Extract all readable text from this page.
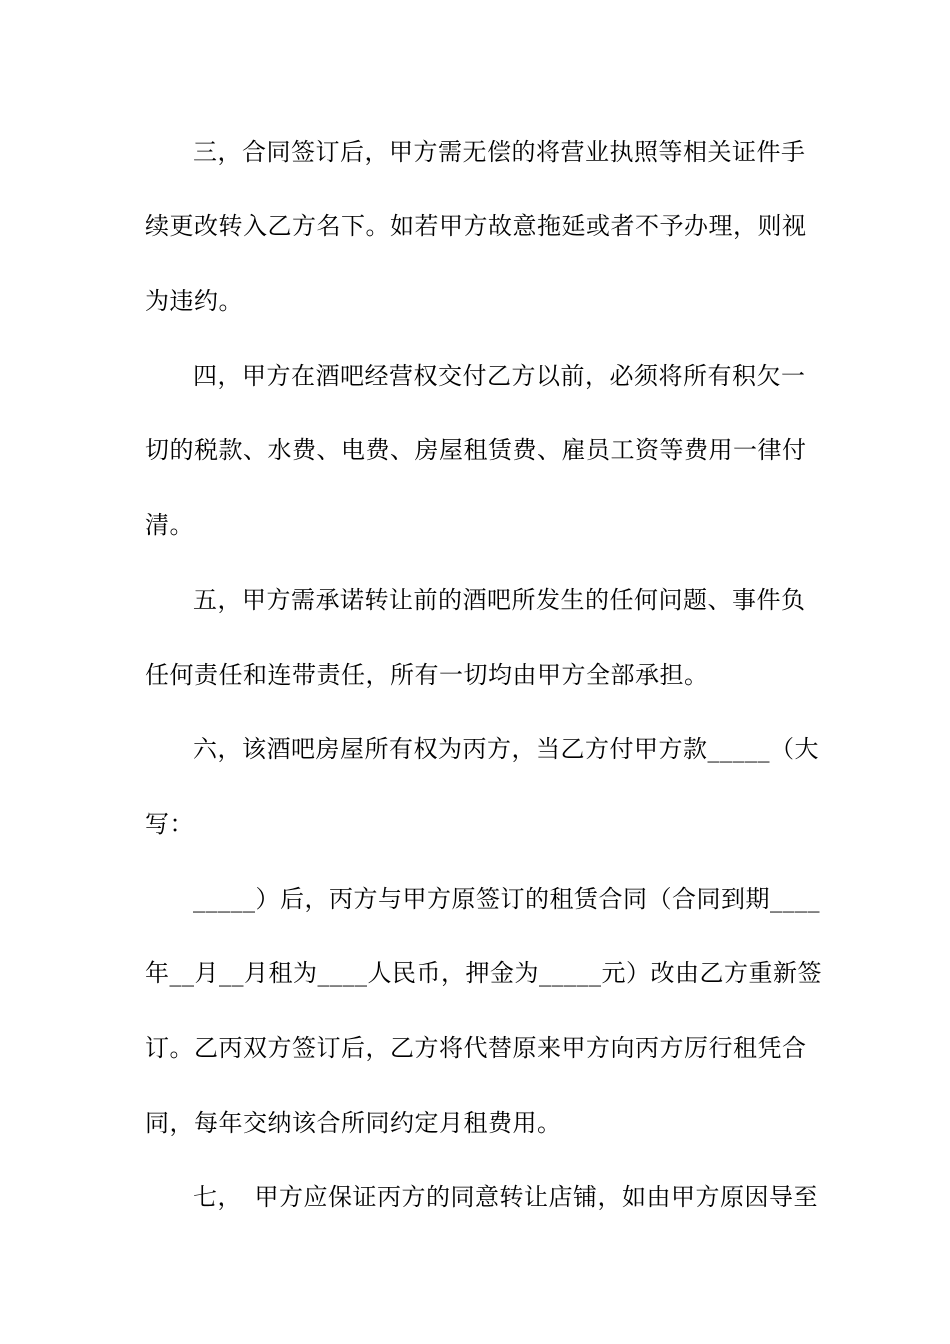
三，合同签订后，甲方需无偿的将营业执照等相关证件手
续更改转入乙方名下。如若甲方故意拖延或者不予办理，则视
为违约。
四，甲方在酒吧经营权交付乙方以前，必须将所有积欠一
切的税款、水费、电费、房屋租赁费、雇员工资等费用一律付
清。
五，甲方需承诺转让前的酒吧所发生的任何问题、事件负
任何责任和连带责任，所有一切均由甲方全部承担。
六，该酒吧房屋所有权为丙方，当乙方付甲方款_____（大
写：
_____）后，丙方与甲方原签订的租赁合同（合同到期____
年__月__月租为____人民币，押金为_____元）改由乙方重新签
订。乙丙双方签订后，乙方将代替原来甲方向丙方厉行租凭合
同，每年交纳该合所同约定月租费用。
七，　甲方应保证丙方的同意转让店铺，如由甲方原因导至
